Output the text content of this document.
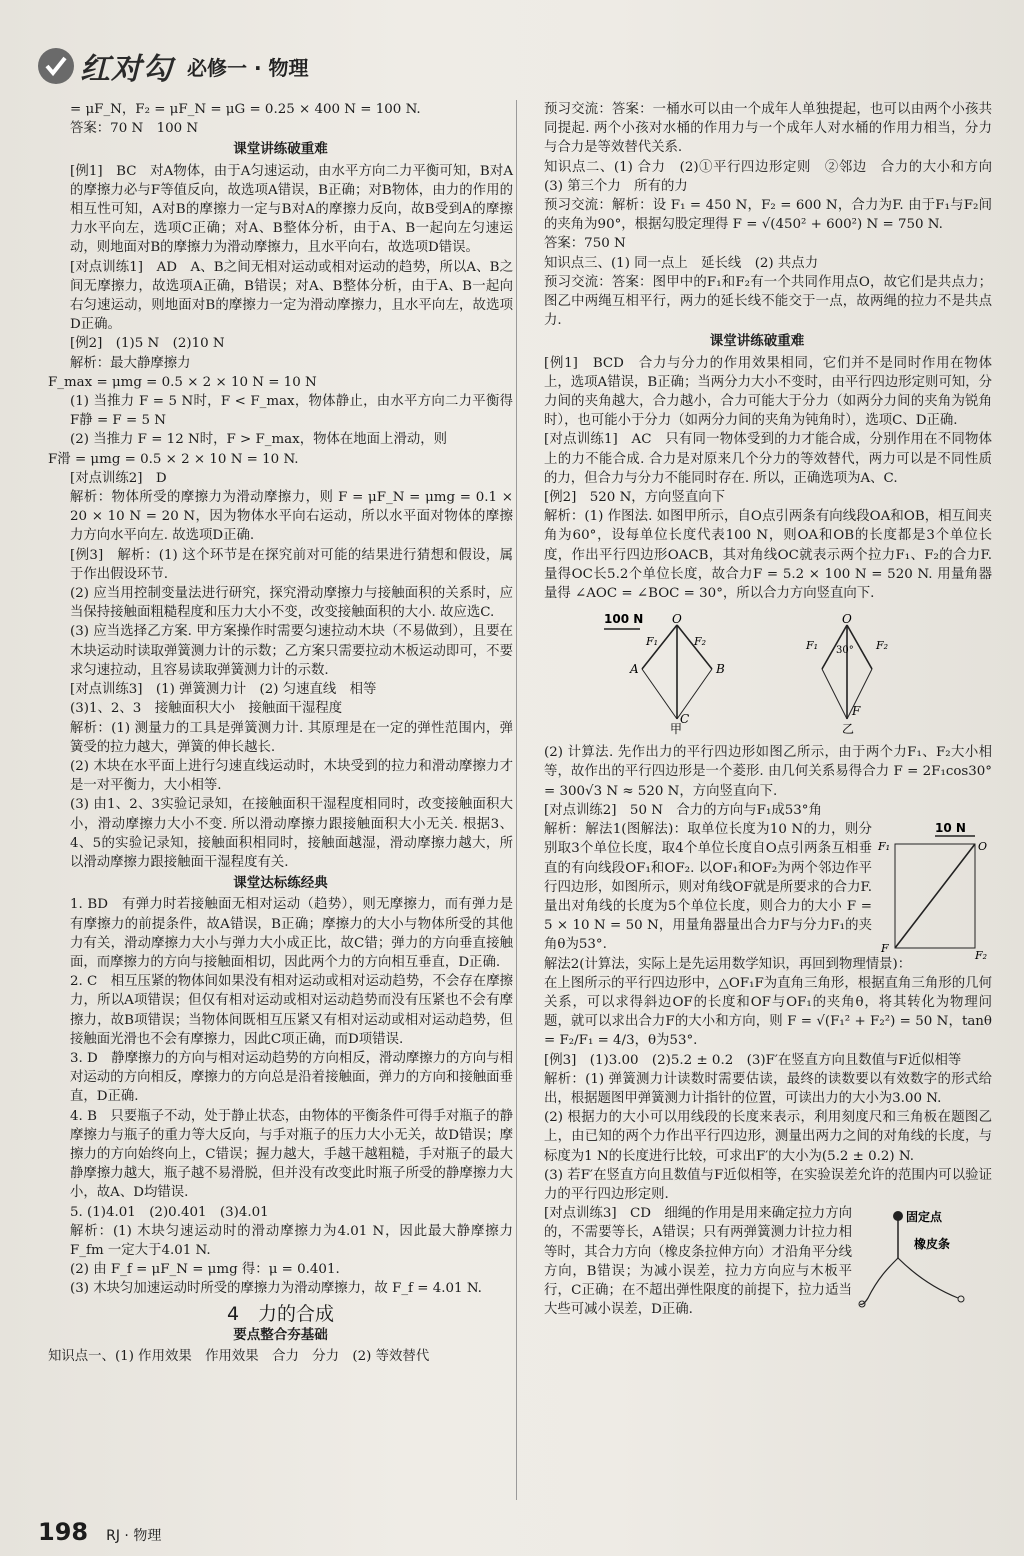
红对勾 必修一 · 物理

= μF_N，F₂ = μF_N = μG = 0.25 × 400 N = 100 N.

答案：70 N　100 N

课堂讲练破重难

[例1]　BC　对A物体，由于A匀速运动，由水平方向二力平衡可知，B对A的摩擦力必与F等值反向，故选项A错误，B正确；对B物体，由力的作用的相互性可知，A对B的摩擦力一定与B对A的摩擦力反向，故B受到A的摩擦力水平向左，选项C正确；对A、B整体分析，由于A、B一起向左匀速运动，则地面对B的摩擦力为滑动摩擦力，且水平向右，故选项D错误。

[对点训练1]　AD　A、B之间无相对运动或相对运动的趋势，所以A、B之间无摩擦力，故选项A正确，B错误；对A、B整体分析，由于A、B一起向右匀速运动，则地面对B的摩擦力一定为滑动摩擦力，且水平向左，故选项D正确。

[例2]　(1)5 N　(2)10 N

解析：最大静摩擦力

F_max = μmg = 0.5 × 2 × 10 N = 10 N

(1) 当推力 F = 5 N时，F < F_max，物体静止，由水平方向二力平衡得 F静 = F = 5 N

(2) 当推力 F = 12 N时，F > F_max，物体在地面上滑动，则

F滑 = μmg = 0.5 × 2 × 10 N = 10 N.

[对点训练2]　D

解析：物体所受的摩擦力为滑动摩擦力，则 F = μF_N = μmg = 0.1 × 20 × 10 N = 20 N，因为物体水平向右运动，所以水平面对物体的摩擦力方向水平向左. 故选项D正确.

[例3]　解析：(1) 这个环节是在探究前对可能的结果进行猜想和假设，属于作出假设环节.

(2) 应当用控制变量法进行研究，探究滑动摩擦力与接触面积的关系时，应当保持接触面粗糙程度和压力大小不变，改变接触面积的大小. 故应选C.

(3) 应当选择乙方案. 甲方案操作时需要匀速拉动木块（不易做到），且要在木块运动时读取弹簧测力计的示数；乙方案只需要拉动木板运动即可，不要求匀速拉动，且容易读取弹簧测力计的示数.

[对点训练3]　(1) 弹簧测力计　(2) 匀速直线　相等

(3)1、2、3　接触面积大小　接触面干湿程度

解析：(1) 测量力的工具是弹簧测力计. 其原理是在一定的弹性范围内，弹簧受的拉力越大，弹簧的伸长越长.

(2) 木块在水平面上进行匀速直线运动时，木块受到的拉力和滑动摩擦力才是一对平衡力，大小相等.

(3) 由1、2、3实验记录知，在接触面积干湿程度相同时，改变接触面积大小，滑动摩擦力大小不变. 所以滑动摩擦力跟接触面积大小无关. 根据3、4、5的实验记录知，接触面积相同时，接触面越湿，滑动摩擦力越大，所以滑动摩擦力跟接触面干湿程度有关.

课堂达标练经典

1. BD　有弹力时若接触面无相对运动（趋势），则无摩擦力，而有弹力是有摩擦力的前提条件，故A错误，B正确；摩擦力的大小与物体所受的其他力有关，滑动摩擦力大小与弹力大小成正比，故C错；弹力的方向垂直接触面，而摩擦力的方向与接触面相切，因此两个力的方向相互垂直，D正确.

2. C　相互压紧的物体间如果没有相对运动或相对运动趋势，不会存在摩擦力，所以A项错误；但仅有相对运动或相对运动趋势而没有压紧也不会有摩擦力，故B项错误；当物体间既相互压紧又有相对运动或相对运动趋势，但接触面光滑也不会有摩擦力，因此C项正确，而D项错误.

3. D　静摩擦力的方向与相对运动趋势的方向相反，滑动摩擦力的方向与相对运动的方向相反，摩擦力的方向总是沿着接触面，弹力的方向和接触面垂直，D正确.

4. B　只要瓶子不动，处于静止状态，由物体的平衡条件可得手对瓶子的静摩擦力与瓶子的重力等大反向，与手对瓶子的压力大小无关，故D错误；摩擦力的方向始终向上，C错误；握力越大，手越干越粗糙，手对瓶子的最大静摩擦力越大，瓶子越不易滑脱，但并没有改变此时瓶子所受的静摩擦力大小，故A、D均错误.

5. (1)4.01　(2)0.401　(3)4.01

解析：(1) 木块匀速运动时的滑动摩擦力为4.01 N，因此最大静摩擦力 F_fm 一定大于4.01 N.

(2) 由 F_f = μF_N = μmg 得：μ = 0.401.

(3) 木块匀加速运动时所受的摩擦力为滑动摩擦力，故 F_f = 4.01 N.

4　力的合成
要点整合夯基础

知识点一、(1) 作用效果　作用效果　合力　分力　(2) 等效替代

预习交流：答案：一桶水可以由一个成年人单独提起，也可以由两个小孩共同提起. 两个小孩对水桶的作用力与一个成年人对水桶的作用力相当，分力与合力是等效替代关系.

知识点二、(1) 合力　(2)①平行四边形定则　②邻边　合力的大小和方向　(3) 第三个力　所有的力

预习交流：解析：设 F₁ = 450 N，F₂ = 600 N，合力为F. 由于F₁与F₂间的夹角为90°，根据勾股定理得 F = √(450² + 600²) N = 750 N.

答案：750 N

知识点三、(1) 同一点上　延长线　(2) 共点力

预习交流：答案：图甲中的F₁和F₂有一个共同作用点O，故它们是共点力；图乙中两绳互相平行，两力的延长线不能交于一点，故两绳的拉力不是共点力.

课堂讲练破重难

[例1]　BCD　合力与分力的作用效果相同，它们并不是同时作用在物体上，选项A错误，B正确；当两分力大小不变时，由平行四边形定则可知，分力间的夹角越大，合力越小，合力可能大于分力（如两分力间的夹角为锐角时），也可能小于分力（如两分力间的夹角为钝角时），选项C、D正确.

[对点训练1]　AC　只有同一物体受到的力才能合成，分别作用在不同物体上的力不能合成. 合力是对原来几个分力的等效替代，两力可以是不同性质的力，但合力与分力不能同时存在. 所以，正确选项为A、C.

[例2]　520 N，方向竖直向下

解析：(1) 作图法. 如图甲所示，自O点引两条有向线段OA和OB，相互间夹角为60°，设每单位长度代表100 N，则OA和OB的长度都是3个单位长度，作出平行四边形OACB，其对角线OC就表示两个拉力F₁、F₂的合力F. 量得OC长5.2个单位长度，故合力F = 5.2 × 100 N = 520 N. 用量角器量得 ∠AOC = ∠BOC = 30°，所以合力方向竖直向下.

100 N O
A	B
C
F₁	F₂
甲
O
F₁	F₂
30°
F
乙

(2) 计算法. 先作出力的平行四边形如图乙所示，由于两个力F₁、F₂大小相等，故作出的平行四边形是一个菱形. 由几何关系易得合力 F = 2F₁cos30° = 300√3 N ≈ 520 N，方向竖直向下.

[对点训练2]　50 N　合力的方向与F₁成53°角

解析：解法1(图解法)：取单位长度为10 N的力，则分别取3个单位长度，取4个单位长度自O点引两条互相垂直的有向线段OF₁和OF₂. 以OF₁和OF₂为两个邻边作平行四边形，如图所示，则对角线OF就是所要求的合力F. 量出对角线的长度为5个单位长度，则合力的大小 F = 5 × 10 N = 50 N，用量角器量出合力F与分力F₁的夹角θ为53°.

10 N
F₁	O
F
F₂

解法2(计算法，实际上是先运用数学知识，再回到物理情景)：

在上图所示的平行四边形中，△OF₁F为直角三角形，根据直角三角形的几何关系，可以求得斜边OF的长度和OF与OF₁的夹角θ，将其转化为物理问题，就可以求出合力F的大小和方向，则 F = √(F₁² + F₂²) = 50 N，tanθ = F₂/F₁ = 4/3，θ为53°.

[例3]　(1)3.00　(2)5.2 ± 0.2　(3)F′在竖直方向且数值与F近似相等

解析：(1) 弹簧测力计读数时需要估读，最终的读数要以有效数字的形式给出，根据题图甲弹簧测力计指针的位置，可读出力的大小为3.00 N.

(2) 根据力的大小可以用线段的长度来表示，利用刻度尺和三角板在题图乙上，由已知的两个力作出平行四边形，测量出两力之间的对角线的长度，与标度为1 N的长度进行比较，可求出F′的大小为(5.2 ± 0.2) N.

(3) 若F′在竖直方向且数值与F近似相等，在实验误差允许的范围内可以验证力的平行四边形定则.

[对点训练3]　CD　细绳的作用是用来确定拉力方向的，不需要等长，A错误；只有两弹簧测力计拉力相等时，其合力方向（橡皮条拉伸方向）才沿角平分线方向，B错误；为减小误差，拉力方向应与木板平行，C正确；在不超出弹性限度的前提下，拉力适当大些可减小误差，D正确.

固定点
橡皮条
198 RJ · 物理
